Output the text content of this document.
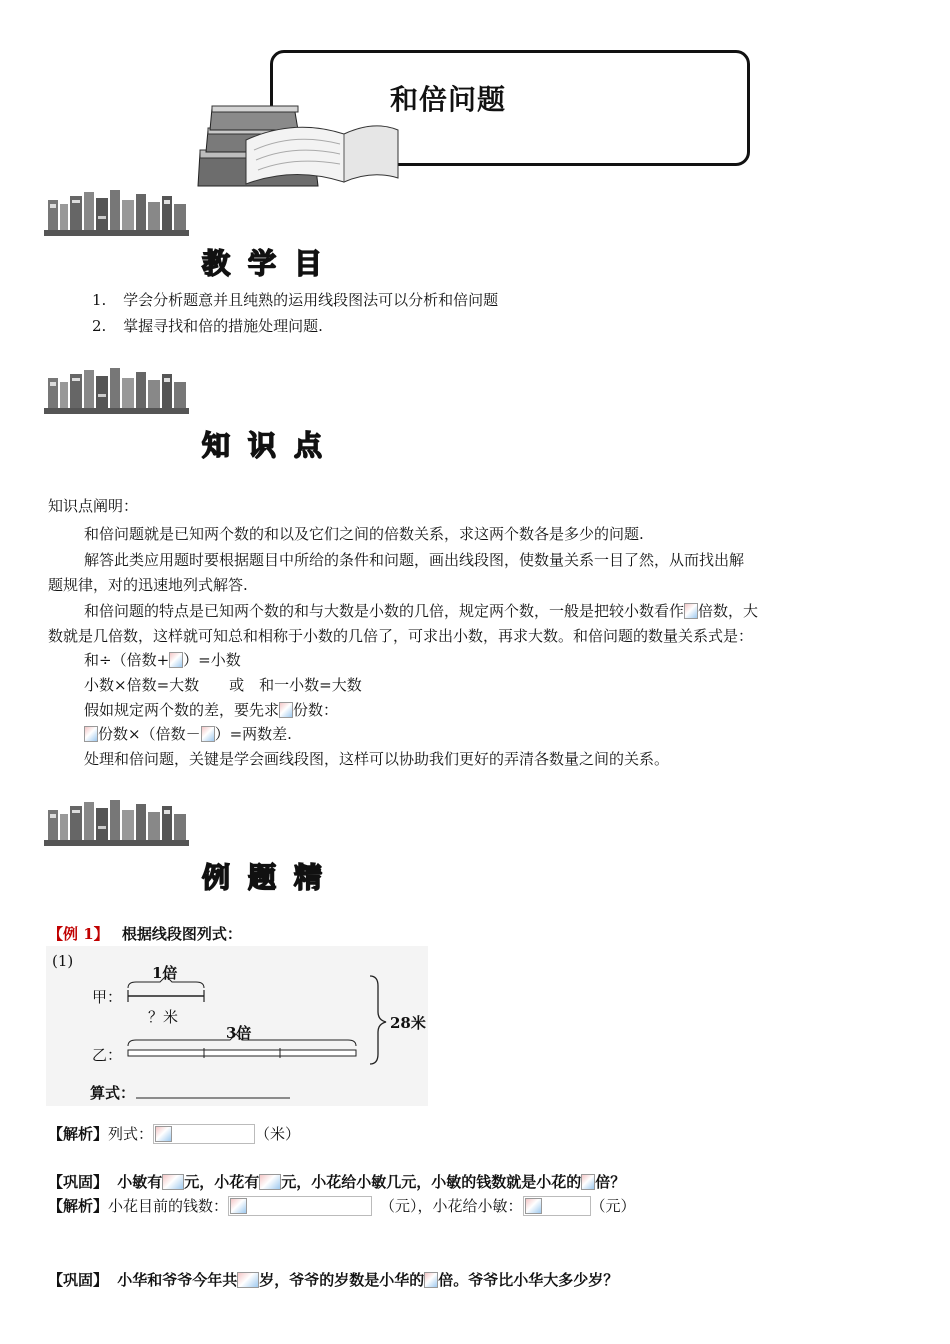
和倍问题
教学目
1. 学会分析题意并且纯熟的运用线段图法可以分析和倍问题
2. 掌握寻找和倍的措施处理问题.
知识点
知识点阐明：
和倍问题就是已知两个数的和以及它们之间的倍数关系，求这两个数各是多少的问题.
解答此类应用题时要根据题目中所给的条件和问题，画出线段图，使数量关系一目了然，从而找出解
题规律，对的迅速地列式解答.
和倍问题的特点是已知两个数的和与大数是小数的几倍，规定两个数，一般是把较小数看作 倍数，大
数就是几倍数，这样就可知总和相称于小数的几倍了，可求出小数，再求大数。和倍问题的数量关系式是：
和÷（倍数+ ）=小数
小数×倍数=大数　　或　和一小数=大数
假如规定两个数的差，要先求 份数：
份数×（倍数－ ）=两数差.
处理和倍问题，关键是学会画线段图，这样可以协助我们更好的弄清各数量之间的关系。
例题精
【例 1】 根据线段图列式：
(1)
1倍
甲：
？米
3倍
乙：
28米
算式：
【解析】列式：	（米）
【巩固】 小敏有 元，小花有 元，小花给小敏几元，小敏的钱数就是小花的 倍？
【解析】小花目前的钱数：	（元），小花给小敏：	（元）
【巩固】 小华和爷爷今年共 岁，爷爷的岁数是小华的 倍。爷爷比小华大多少岁？
